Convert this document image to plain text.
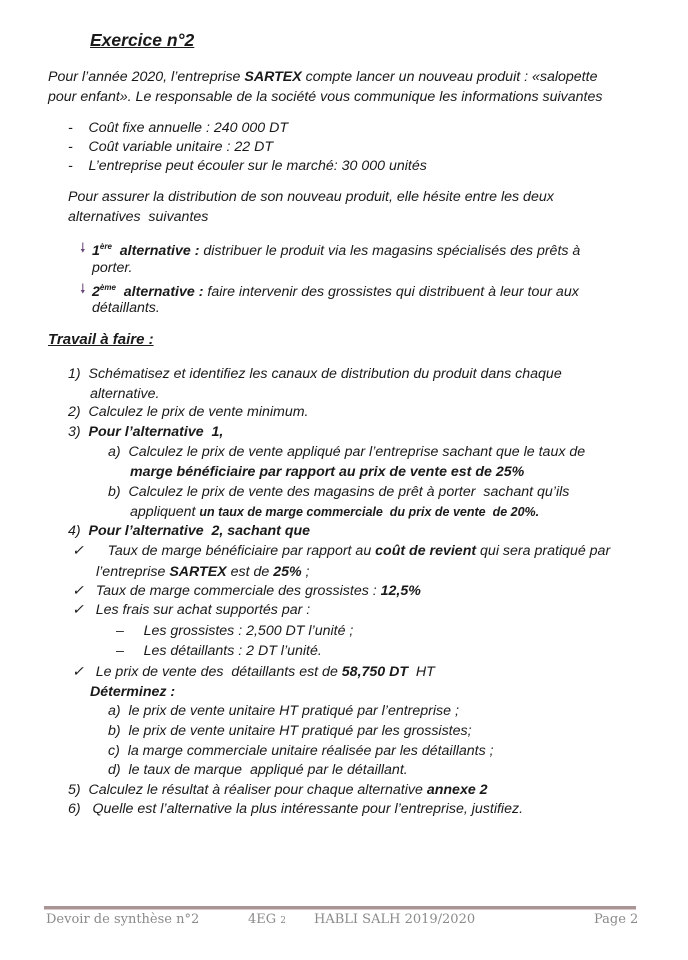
Exercice n°2
Travail à faire :
🠗
🠗
Pour l’année 2020, l’entreprise SARTEX compte lancer un nouveau produit : «salopette
pour enfant». Le responsable de la société vous communique les informations suivantes
-    Coût fixe annuelle : 240 000 DT
-    Coût variable unitaire : 22 DT
-    L’entreprise peut écouler sur le marché: 30 000 unités
Pour assurer la distribution de son nouveau produit, elle hésite entre les deux
alternatives  suivantes
1ère  alternative : distribuer le produit via les magasins spécialisés des prêts à
porter.
2ème  alternative : faire intervenir des grossistes qui distribuent à leur tour aux
détaillants.
1)  Schématisez et identifiez les canaux de distribution du produit dans chaque
alternative.
2)  Calculez le prix de vente minimum.
3)  Pour l’alternative  1,
a)  Calculez le prix de vente appliqué par l’entreprise sachant que le taux de
marge bénéficiaire par rapport au prix de vente est de 25%
b)  Calculez le prix de vente des magasins de prêt à porter  sachant qu’ils
appliquent un taux de marge commerciale  du prix de vente  de 20%.
4)  Pour l’alternative  2, sachant que
✓      Taux de marge bénéficiaire par rapport au coût de revient qui sera pratiqué par
l’entreprise SARTEX est de 25% ;
✓   Taux de marge commerciale des grossistes : 12,5%
✓   Les frais sur achat supportés par :
–     Les grossistes : 2,500 DT l’unité ;
–     Les détaillants : 2 DT l’unité.
✓   Le prix de vente des  détaillants est de 58,750 DT  HT
Déterminez :
a)  le prix de vente unitaire HT pratiqué par l’entreprise ;
b)  le prix de vente unitaire HT pratiqué par les grossistes;
c)  la marge commerciale unitaire réalisée par les détaillants ;
d)  le taux de marque  appliqué par le détaillant.
5)  Calculez le résultat à réaliser pour chaque alternative annexe 2
6)   Quelle est l’alternative la plus intéressante pour l’entreprise, justifiez.
Devoir de synthèse n°2	4EG 2 HABLI SALH 2019/2020	Page 2
